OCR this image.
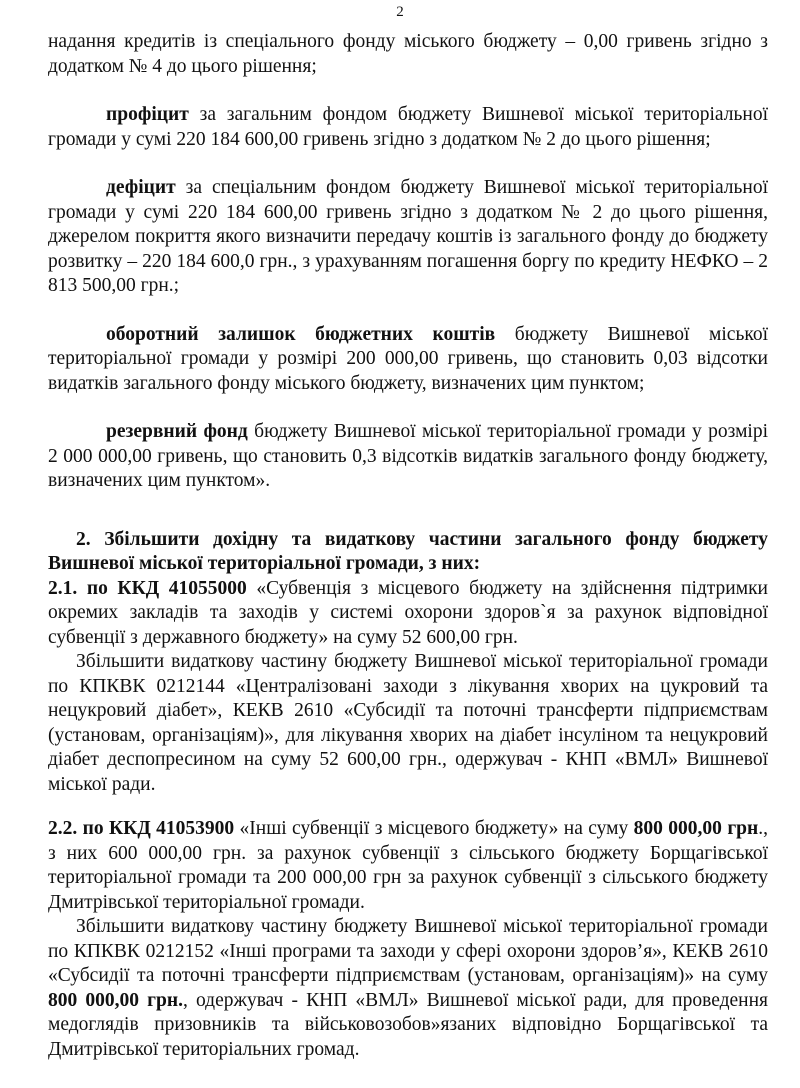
2

надання кредитів із спеціального фонду міського бюджету – 0,00 гривень згідно з додатком № 4 до цього рішення;

профіцит за загальним фондом бюджету Вишневої міської територіальної громади у сумі 220 184 600,00 гривень згідно з додатком № 2 до цього рішення;

дефіцит за спеціальним фондом бюджету Вишневої міської територіальної громади у сумі 220 184 600,00 гривень згідно з додатком № 2 до цього рішення, джерелом покриття якого визначити передачу коштів із загального фонду до бюджету розвитку – 220 184 600,0 грн., з урахуванням погашення боргу по кредиту НЕФКО – 2 813 500,00 грн.;

оборотний залишок бюджетних коштів бюджету Вишневої міської територіальної громади у розмірі 200 000,00 гривень, що становить 0,03 відсотки видатків загального фонду міського бюджету, визначених цим пунктом;

резервний фонд бюджету Вишневої міської територіальної громади у розмірі 2 000 000,00 гривень, що становить 0,3 відсотків видатків загального фонду бюджету, визначених цим пунктом».

2. Збільшити дохідну та видаткову частини загального фонду бюджету Вишневої міської територіальної громади, з них:

2.1. по ККД 41055000 «Субвенція з місцевого бюджету на здійснення підтримки окремих закладів та заходів у системі охорони здоров`я за рахунок відповідної субвенції з державного бюджету» на суму 52 600,00 грн.

Збільшити видаткову частину бюджету Вишневої міської територіальної громади по КПКВК 0212144 «Централізовані заходи з лікування хворих на цукровий та нецукровий діабет», КЕКВ 2610 «Субсидії та поточні трансферти підприємствам (установам, організаціям)», для лікування хворих на діабет інсуліном та нецукровий діабет деспопресином на суму 52 600,00 грн., одержувач - КНП «ВМЛ» Вишневої міської ради.

2.2. по ККД 41053900 «Інші субвенції з місцевого бюджету» на суму 800 000,00 грн., з них 600 000,00 грн. за рахунок субвенції з сільського бюджету Борщагівської територіальної громади та 200 000,00 грн за рахунок субвенції з сільського бюджету Дмитрівської територіальної громади.

Збільшити видаткову частину бюджету Вишневої міської територіальної громади по КПКВК 0212152 «Інші програми та заходи у сфері охорони здоров’я», КЕКВ 2610 «Субсидії та поточні трансферти підприємствам (установам, організаціям)» на суму 800 000,00 грн., одержувач - КНП «ВМЛ» Вишневої міської ради, для проведення медоглядів призовників та військовозобов»язаних відповідно Борщагівської та Дмитрівської територіальних громад.
